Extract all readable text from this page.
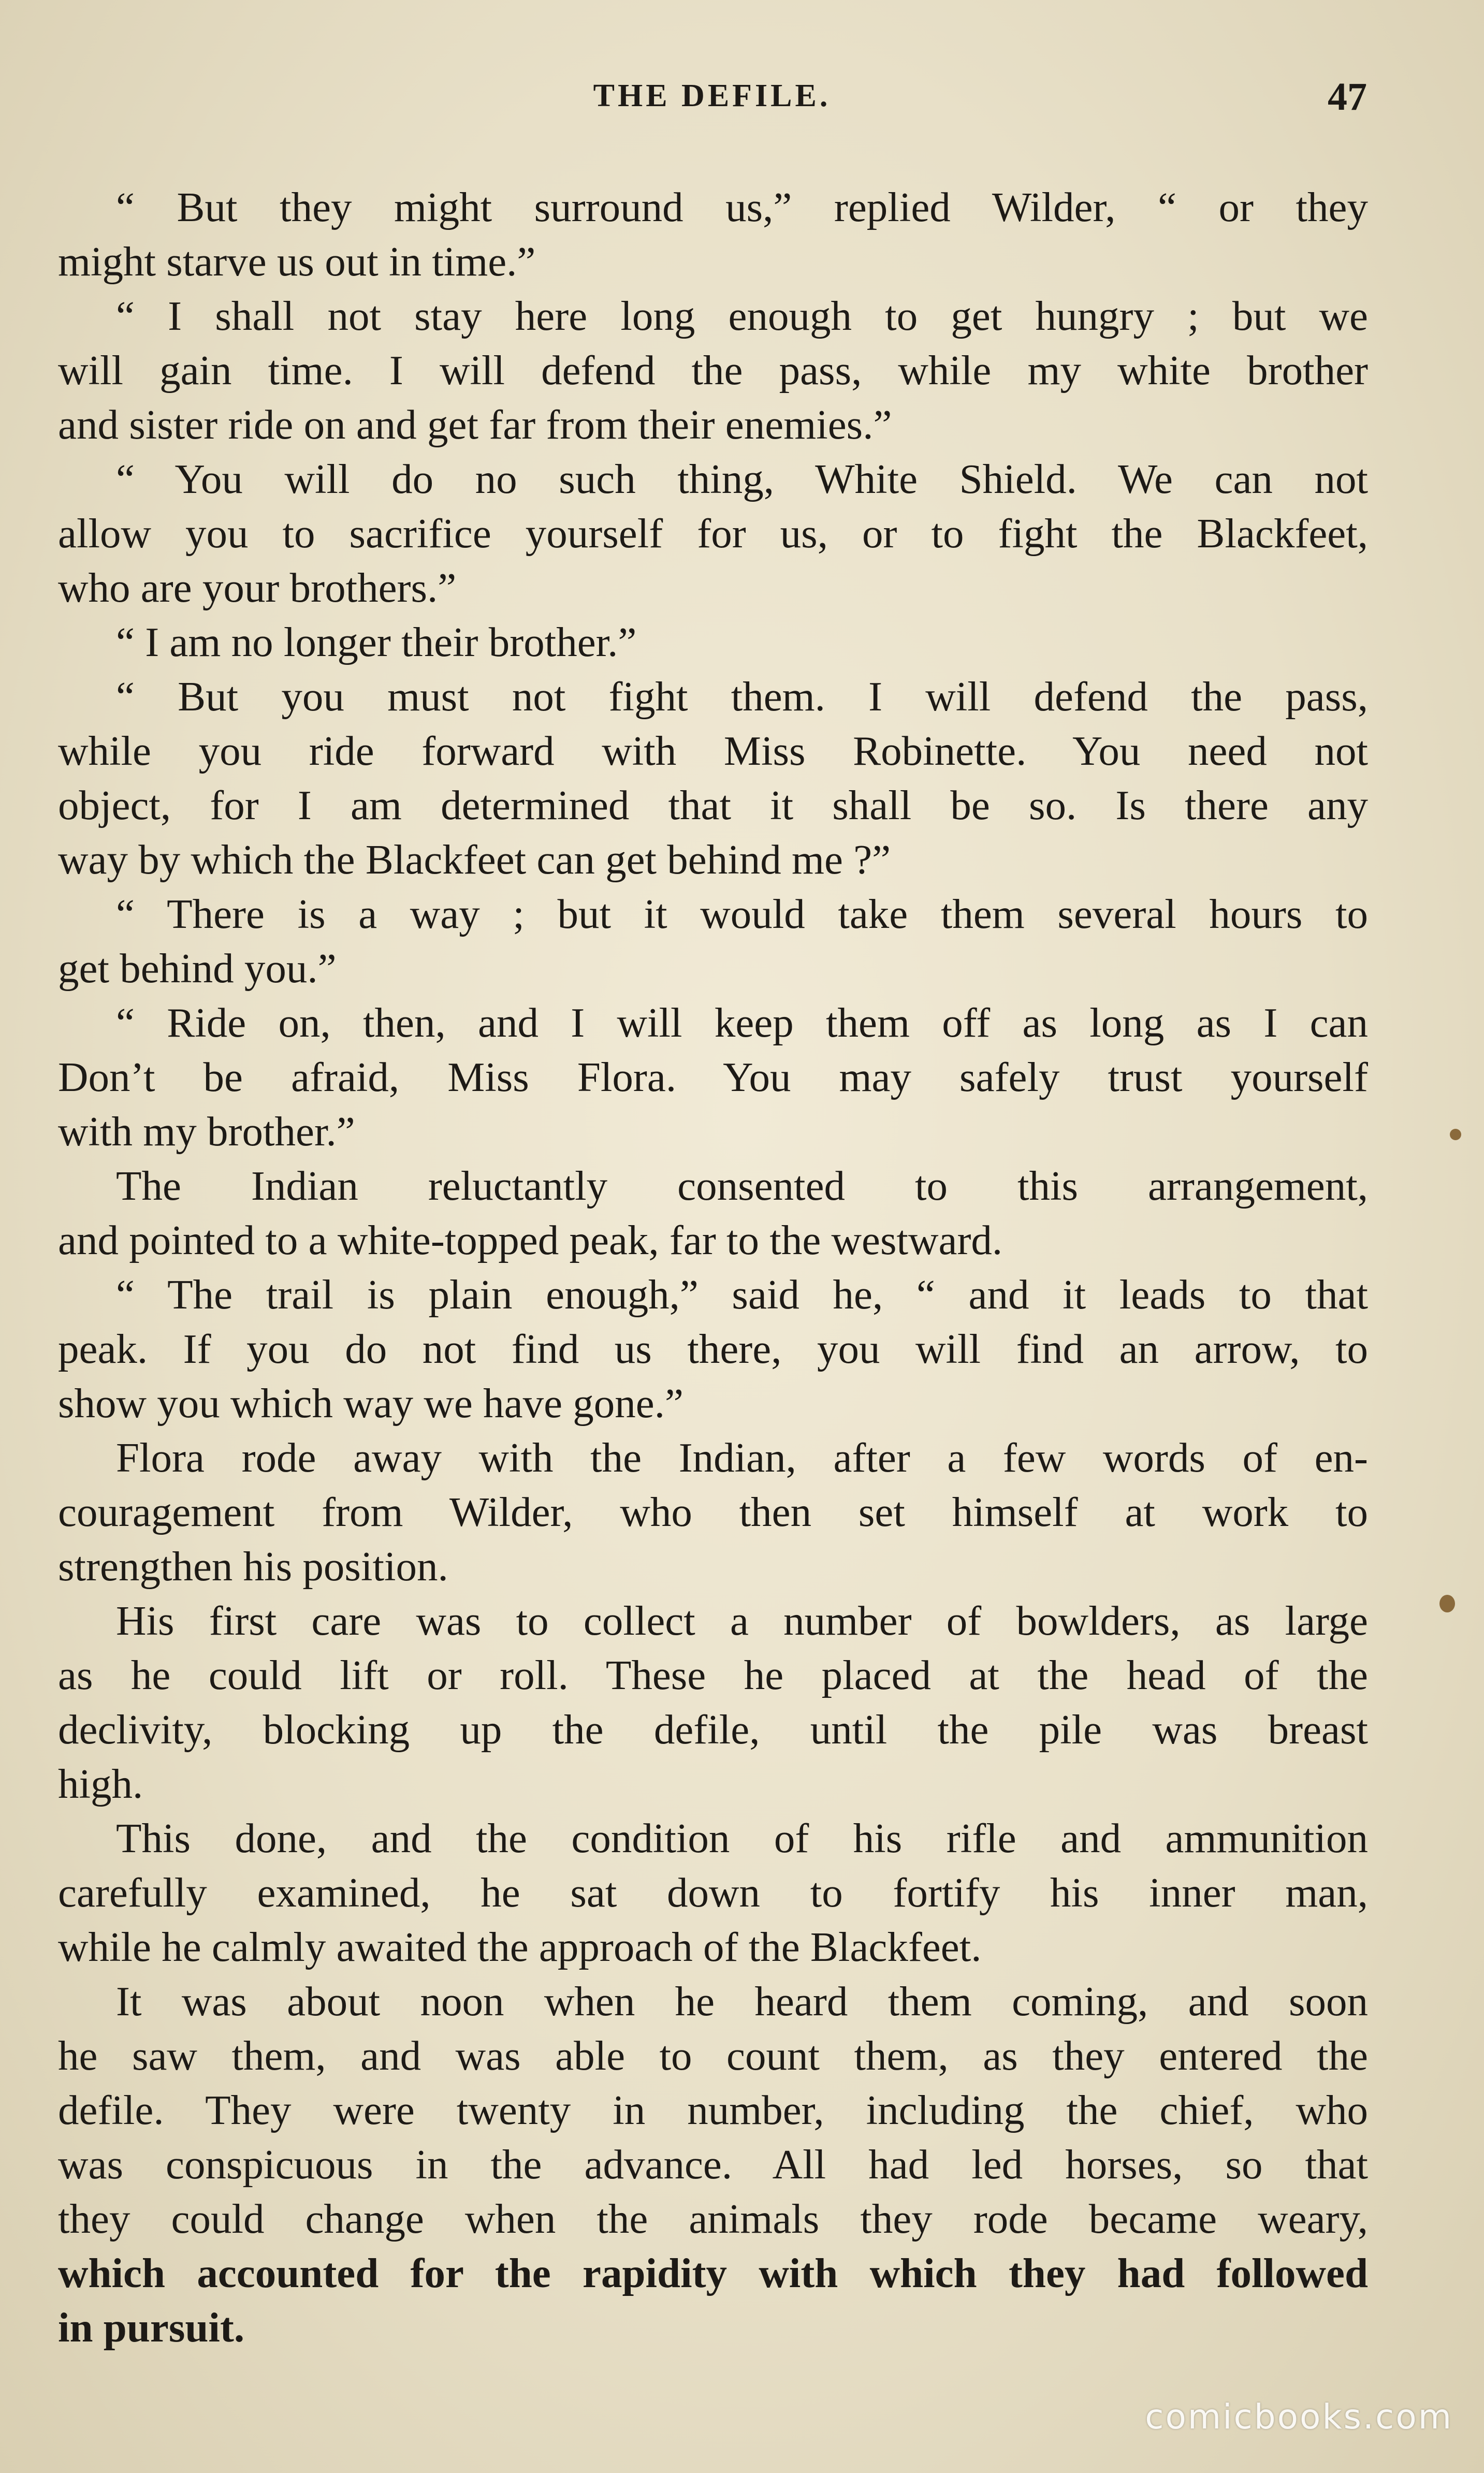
THE DEFILE.	47
“ But they might surround us,” replied Wilder, “ or they
might starve us out in time.”
“ I shall not stay here long enough to get hungry ; but we
will gain time. I will defend the pass, while my white brother
and sister ride on and get far from their enemies.”
“ You will do no such thing, White Shield. We can not
allow you to sacrifice yourself for us, or to fight the Blackfeet,
who are your brothers.”
“ I am no longer their brother.”
“ But you must not fight them. I will defend the pass,
while you ride forward with Miss Robinette. You need not
object, for I am determined that it shall be so. Is there any
way by which the Blackfeet can get behind me ?”
“ There is a way ; but it would take them several hours to
get behind you.”
“ Ride on, then, and I will keep them off as long as I can
Don’t be afraid, Miss Flora. You may safely trust yourself
with my brother.”
The Indian reluctantly consented to this arrangement,
and pointed to a white-topped peak, far to the westward.
“ The trail is plain enough,” said he, “ and it leads to that
peak. If you do not find us there, you will find an arrow, to
show you which way we have gone.”
Flora rode away with the Indian, after a few words of en-
couragement from Wilder, who then set himself at work to
strengthen his position.
His first care was to collect a number of bowlders, as large
as he could lift or roll. These he placed at the head of the
declivity, blocking up the defile, until the pile was breast
high.
This done, and the condition of his rifle and ammunition
carefully examined, he sat down to fortify his inner man,
while he calmly awaited the approach of the Blackfeet.
It was about noon when he heard them coming, and soon
he saw them, and was able to count them, as they entered the
defile. They were twenty in number, including the chief, who
was conspicuous in the advance. All had led horses, so that
they could change when the animals they rode became weary,
which accounted for the rapidity with which they had followed
in pursuit.
comicbooks.com
